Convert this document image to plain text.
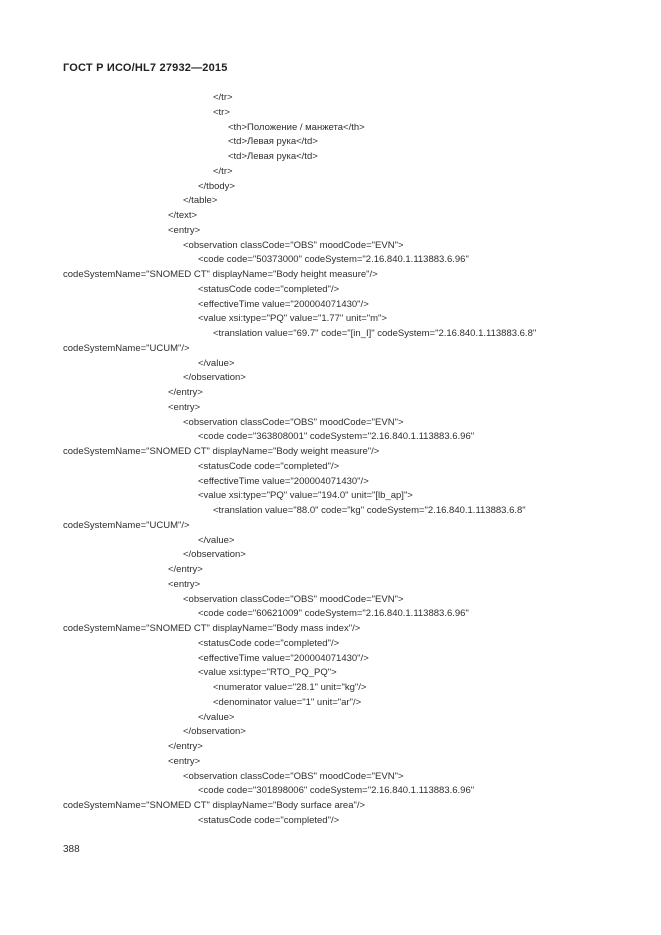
ГОСТ Р ИСО/HL7 27932—2015
</tr>
<tr>
<th>Положение / манжета</th>
<td>Левая рука</td>
<td>Левая рука</td>
</tr>
</tbody>
</table>
</text>
<entry>
<observation classCode="OBS" moodCode="EVN">
<code code="50373000" codeSystem="2.16.840.1.113883.6.96"
codeSystemName="SNOMED CT" displayName="Body height measure"/>
<statusCode code="completed"/>
<effectiveTime value="200004071430"/>
<value xsi:type="PQ" value="1.77" unit="m">
<translation value="69.7" code="[in_I]" codeSystem="2.16.840.1.113883.6.8"
codeSystemName="UCUM"/>
</value>
</observation>
</entry>
<entry>
<observation classCode="OBS" moodCode="EVN">
<code code="363808001" codeSystem="2.16.840.1.113883.6.96"
codeSystemName="SNOMED CT" displayName="Body weight measure"/>
<statusCode code="completed"/>
<effectiveTime value="200004071430"/>
<value xsi:type="PQ" value="194.0" unit="[lb_ap]">
<translation value="88.0" code="kg" codeSystem="2.16.840.1.113883.6.8"
codeSystemName="UCUM"/>
</value>
</observation>
</entry>
<entry>
<observation classCode="OBS" moodCode="EVN">
<code code="60621009" codeSystem="2.16.840.1.113883.6.96"
codeSystemName="SNOMED CT" displayName="Body mass index"/>
<statusCode code="completed"/>
<effectiveTime value="200004071430"/>
<value xsi:type="RTO_PQ_PQ">
<numerator value="28.1" unit="kg"/>
<denominator value="1" unit="ar"/>
</value>
</observation>
</entry>
<entry>
<observation classCode="OBS" moodCode="EVN">
<code code="301898006" codeSystem="2.16.840.1.113883.6.96"
codeSystemName="SNOMED CT" displayName="Body surface area"/>
<statusCode code="completed"/>
388
